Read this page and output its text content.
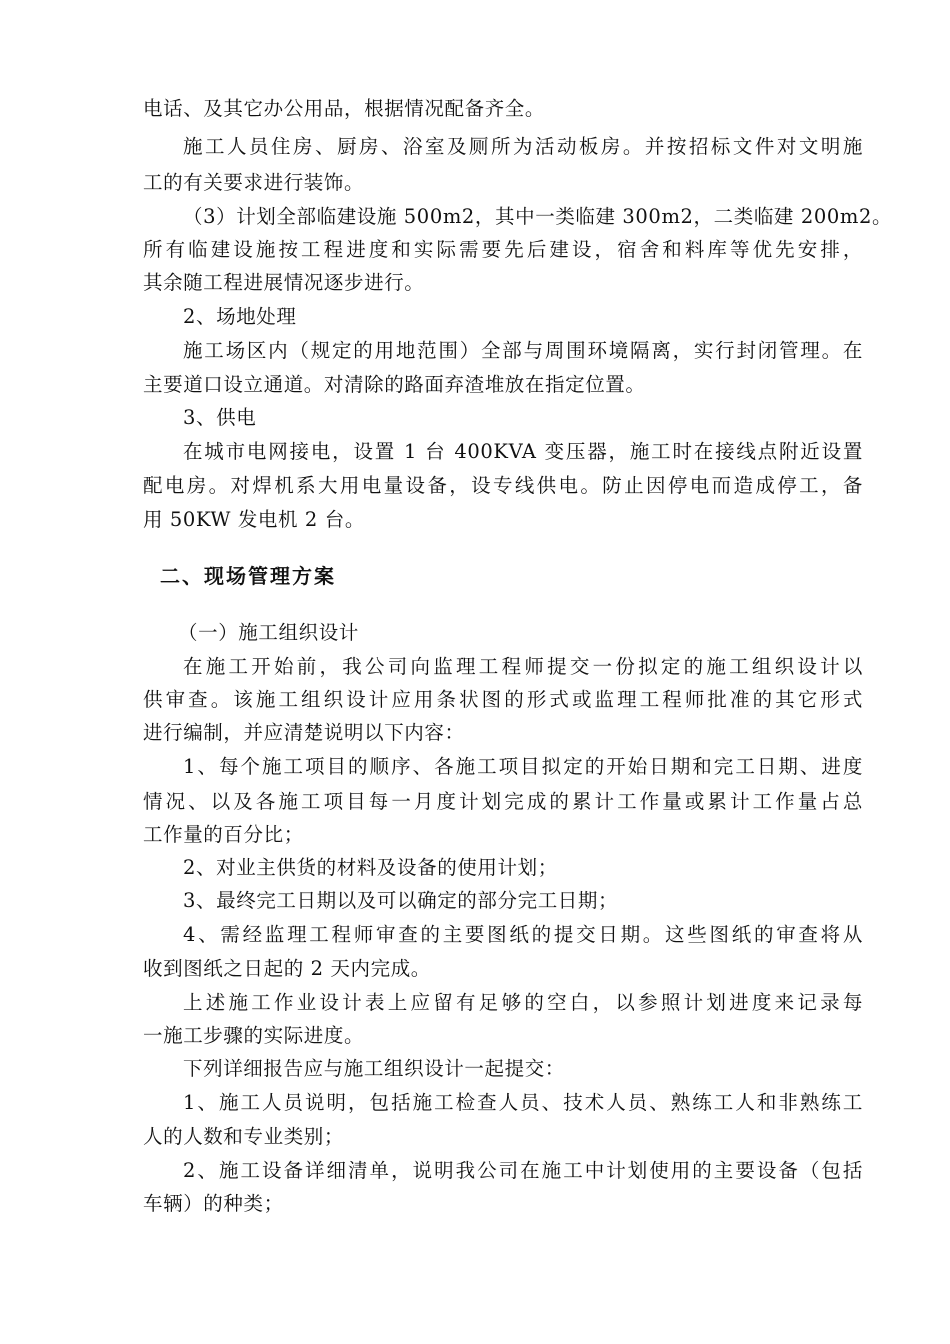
电话、及其它办公用品，根据情况配备齐全。
施工人员住房、厨房、浴室及厕所为活动板房。并按招标文件对文明施
工的有关要求进行装饰。
（3）计划全部临建设施 500m2，其中一类临建 300m2，二类临建 200m2。
所有临建设施按工程进度和实际需要先后建设，宿舍和料库等优先安排，
其余随工程进展情况逐步进行。
2、场地处理
施工场区内（规定的用地范围）全部与周围环境隔离，实行封闭管理。在
主要道口设立通道。对清除的路面弃渣堆放在指定位置。
3、供电
在城市电网接电，设置 1 台 400KVA 变压器，施工时在接线点附近设置
配电房。对焊机系大用电量设备，设专线供电。防止因停电而造成停工，备
用 50KW 发电机 2 台。
二、现场管理方案
（一）施工组织设计
在施工开始前，我公司向监理工程师提交一份拟定的施工组织设计以
供审查。该施工组织设计应用条状图的形式或监理工程师批准的其它形式
进行编制，并应清楚说明以下内容：
1、每个施工项目的顺序、各施工项目拟定的开始日期和完工日期、进度
情况、以及各施工项目每一月度计划完成的累计工作量或累计工作量占总
工作量的百分比；
2、对业主供货的材料及设备的使用计划；
3、最终完工日期以及可以确定的部分完工日期；
4、需经监理工程师审查的主要图纸的提交日期。这些图纸的审查将从
收到图纸之日起的 2 天内完成。
上述施工作业设计表上应留有足够的空白，以参照计划进度来记录每
一施工步骤的实际进度。
下列详细报告应与施工组织设计一起提交：
1、施工人员说明，包括施工检查人员、技术人员、熟练工人和非熟练工
人的人数和专业类别；
2、施工设备详细清单，说明我公司在施工中计划使用的主要设备（包括
车辆）的种类；
